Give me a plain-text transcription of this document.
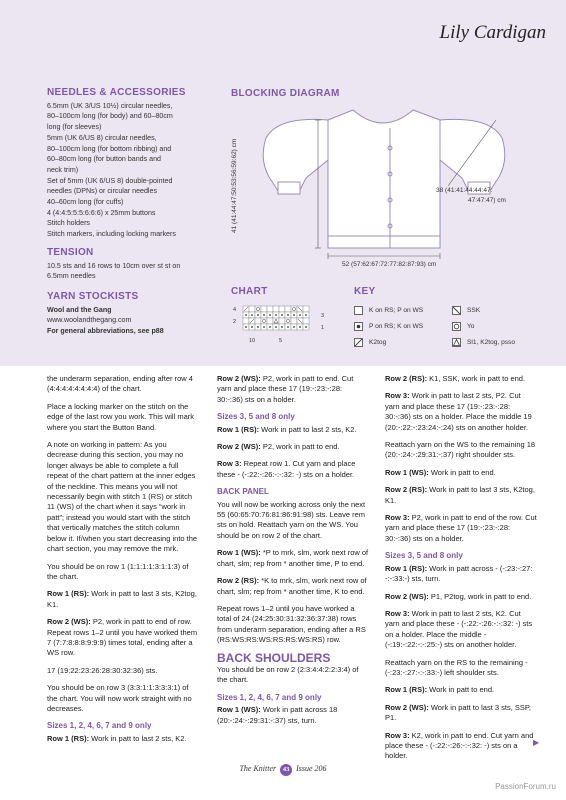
Lily Cardigan
NEEDLES & ACCESSORIES

6.5mm (UK 3/US 10½) circular needles,

80–100cm long (for body) and 60–80cm

long (for sleeves)

5mm (UK 6/US 8) circular needles,

80–100cm long (for bottom ribbing) and

60–80cm long (for button bands and

neck trim)

Set of 5mm (UK 6/US 8) double-pointed

needles (DPNs) or circular needles

40–60cm long (for cuffs)

4 (4:4:5:5:5:6:6:6) x 25mm buttons

Stitch holders

Stitch markers, including locking markers

TENSION

10.5 sts and 16 rows to 10cm over st st on

6.5mm needles

YARN STOCKISTS

Wool and the Gang

www.woolandthegang.com

For general abbreviations, see p88

BLOCKING DIAGRAM
41 (41:44:47:50:53:56:59:62) cm
52 (57:62:67:72:77:82:87:93) cm
38 (41:41:44:44:47:
47:47:47) cm
CHART
4
3
2
1
10	5
KEY
K on RS; P on WS	SSK
P on RS; K on WS	Yo
K2tog	Sl1, K2tog, psso

the underarm separation, ending after row 4 (4:4:4:4:4:4:4:4) of the chart.

Place a locking marker on the stitch on the edge of the last row you work. This will mark where you start the Button Band.

A note on working in pattern: As you decrease during this section, you may no longer always be able to complete a full repeat of the chart pattern at the inner edges of the neckline. This means you will not necessarily begin with stitch 1 (RS) or stitch 11 (WS) of the chart when it says “work in patt”; instead you would start with the stitch that vertically matches the stitch column below it. If/when you start decreasing into the chart section, you may remove the mrk.

You should be on row 1 (1:1:1:1:3:1:1:3) of the chart.

Row 1 (RS): Work in patt to last 3 sts, K2tog, K1.

Row 2 (WS): P2, work in patt to end of row. Repeat rows 1–2 until you have worked them 7 (7:7:8:8:8:9:9:9) times total, ending after a WS row.

17 (19:22:23:26:28:30:32:36) sts.

You should be on row 3 (3:3:1:1:3:3:3:1) of the chart. You will now work straight with no decreases.

Sizes 1, 2, 4, 6, 7 and 9 only

Row 1 (RS): Work in patt to last 2 sts, K2.

Row 2 (WS): P2, work in patt to end. Cut yarn and place these 17 (19:-:23:-:28: 30:-:36) sts on a holder.

Sizes 3, 5 and 8 only

Row 1 (RS): Work in patt to last 2 sts, K2.

Row 2 (WS): P2, work in patt to end.

Row 3: Repeat row 1. Cut yarn and place these - (-:22:-:26:-:-:32: -) sts on a holder.

BACK PANEL

You will now be working across only the next 55 (60:65:70:76:81:86:91:98) sts. Leave rem sts on hold. Reattach yarn on the WS. You should be on row 2 of the chart.

Row 1 (WS): *P to mrk, slm, work next row of chart, slm; rep from * another time, P to end.

Row 2 (RS): *K to mrk, slm, work next row of chart, slm; rep from * another time, K to end.

Repeat rows 1–2 until you have worked a total of 24 (24:25:30:31:32:36:37:38) rows from underarm separation, ending after a RS (RS:WS:RS:WS:RS:RS:WS:RS) row.

BACK SHOULDERS

You should be on row 2 (2:3:4:4:2:2:3:4) of the chart.

Sizes 1, 2, 4, 6, 7 and 9 only

Row 1 (WS): Work in patt across 18 (20:-:24:-:29:31:-:37) sts, turn.

Row 2 (RS): K1, SSK, work in patt to end.

Row 3: Work in patt to last 2 sts, P2. Cut yarn and place these 17 (19:-:23:-:28: 30:-:36) sts on a holder. Place the middle 19 (20:-:22:-:23:24:-:24) sts on another holder.

Reattach yarn on the WS to the remaining 18 (20:-:24:-:29:31:-:37) right shoulder sts.

Row 1 (WS): Work in patt to end.

Row 2 (RS): Work in patt to last 3 sts, K2tog, K1.

Row 3: P2, work in patt to end of the row. Cut yarn and place these 17 (19:-:23:-:28: 30:-:36) sts on a holder.

Sizes 3, 5 and 8 only

Row 1 (RS): Work in patt across - (-:23:-:27: -:-:33:-) sts, turn.

Row 2 (WS): P1, P2tog, work in patt to end.

Row 3: Work in patt to last 2 sts, K2. Cut yarn and place these - (-:22:-:26:-:-:32: -) sts on a holder. Place the middle - (-:19:-:22:-:-:25:-) sts on another holder.

Reattach yarn on the RS to the remaining - (-:23:-:27:-:-:33:-) left shoulder sts.

Row 1 (RS): Work in patt to end.

Row 2 (WS): Work in patt to last 3 sts, SSP, P1.

Row 3: K2, work in patt to end. Cut yarn and place these - (-:22:-:26:-:-:32: -) sts on a holder.

▶
The Knitter 43 Issue 206
PassionForum.ru
